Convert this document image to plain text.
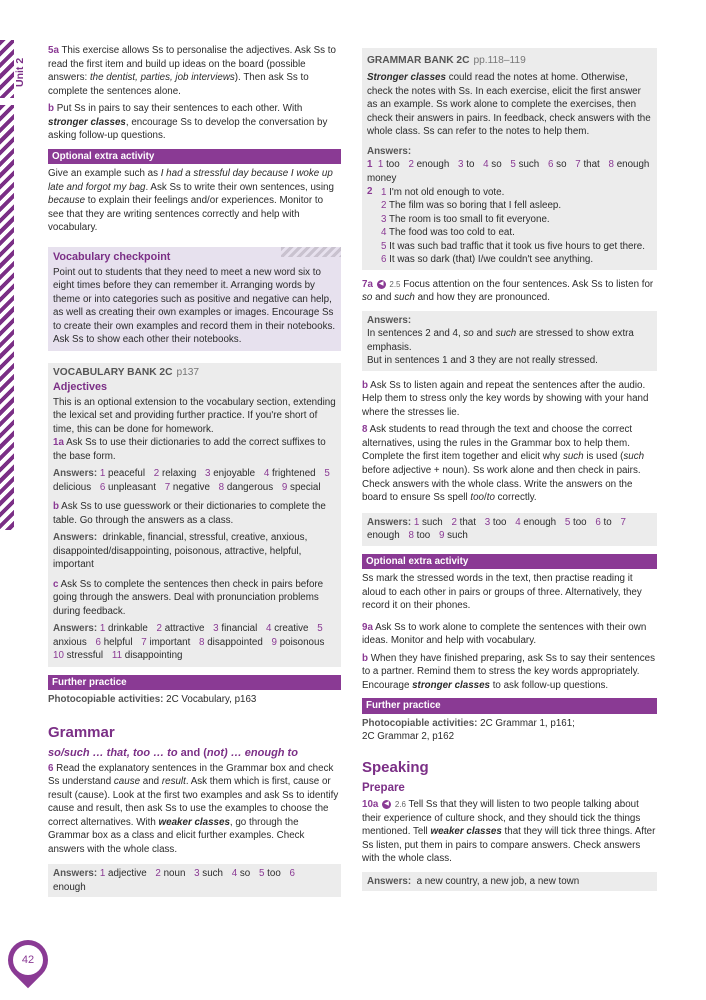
Unit 2

5a This exercise allows Ss to personalise the adjectives. Ask Ss to read the first item and build up ideas on the board (possible answers: the dentist, parties, job interviews). Then ask Ss to complete the sentences alone.

b Put Ss in pairs to say their sentences to each other. With stronger classes, encourage Ss to develop the conversation by asking follow-up questions.

Optional extra activity

Give an example such as I had a stressful day because I woke up late and forgot my bag. Ask Ss to write their own sentences, using because to explain their feelings and/or experiences. Monitor to see that they are writing sentences correctly and help with vocabulary.

Vocabulary checkpoint

Point out to students that they need to meet a new word six to eight times before they can remember it. Arranging words by theme or into categories such as positive and negative can help, as well as creating their own examples or images. Encourage Ss to create their own examples and record them in their notebooks. Ask Ss to show each other their notebooks.

VOCABULARY BANK 2C p137
Adjectives

This is an optional extension to the vocabulary section, extending the lexical set and providing further practice. If you're short of time, this can be done for homework.

1a Ask Ss to use their dictionaries to add the correct suffixes to the base form.

Answers: 1 peaceful 2 relaxing 3 enjoyable 4 frightened 5 delicious 6 unpleasant 7 negative 8 dangerous 9 special

b Ask Ss to use guesswork or their dictionaries to complete the table. Go through the answers as a class.

Answers: drinkable, financial, stressful, creative, anxious, disappointed/disappointing, poisonous, attractive, helpful, important

c Ask Ss to complete the sentences then check in pairs before going through the answers. Deal with pronunciation problems during feedback.

Answers: 1 drinkable 2 attractive 3 financial 4 creative 5 anxious 6 helpful 7 important 8 disappointed 9 poisonous 10 stressful 11 disappointing

Further practice

Photocopiable activities: 2C Vocabulary, p163

Grammar
so/such … that, too … to and (not) … enough to

6 Read the explanatory sentences in the Grammar box and check Ss understand cause and result. Ask them which is first, cause or result (cause). Look at the first two examples and ask Ss to identify cause and result, then ask Ss to use the examples to choose the correct alternatives. With weaker classes, go through the Grammar box as a class and elicit further examples. Check answers with the whole class.

Answers: 1 adjective 2 noun 3 such 4 so 5 too 6 enough
GRAMMAR BANK 2C pp.118–119

Stronger classes could read the notes at home. Otherwise, check the notes with Ss. In each exercise, elicit the first answer as an example. Ss work alone to complete the exercises, then check their answers in pairs. In feedback, check answers with the whole class. Ss can refer to the notes to help them.

Answers:
1 1 too 2 enough 3 to 4 so 5 such 6 so 7 that 8 enough money
2 1 I'm not old enough to vote.
2 The film was so boring that I fell asleep.
3 The room is too small to fit everyone.
4 The food was too cold to eat.
5 It was such bad traffic that it took us five hours to get there.
6 It was so dark (that) I/we couldn't see anything.

7a ◀ 2.5 Focus attention on the four sentences. Ask Ss to listen for so and such and how they are pronounced.

Answers:
In sentences 2 and 4, so and such are stressed to show extra emphasis.
But in sentences 1 and 3 they are not really stressed.

b Ask Ss to listen again and repeat the sentences after the audio. Help them to stress only the key words by showing with your hand where the stresses lie.

8 Ask students to read through the text and choose the correct alternatives, using the rules in the Grammar box to help them. Complete the first item together and elicit why such is used (such before adjective + noun). Ss work alone and then check in pairs. Check answers with the whole class. Write the answers on the board to ensure Ss spell too/to correctly.

Answers: 1 such 2 that 3 too 4 enough 5 too 6 to 7 enough 8 too 9 such
Optional extra activity

Ss mark the stressed words in the text, then practise reading it aloud to each other in pairs or groups of three. Alternatively, they record it on their phones.

9a Ask Ss to work alone to complete the sentences with their own ideas. Monitor and help with vocabulary.

b When they have finished preparing, ask Ss to say their sentences to a partner. Remind them to stress the key words appropriately. Encourage stronger classes to ask follow-up questions.

Further practice

Photocopiable activities: 2C Grammar 1, p161;
2C Grammar 2, p162

Speaking
Prepare

10a ◀ 2.6 Tell Ss that they will listen to two people talking about their experience of culture shock, and they should tick the things mentioned. Tell weaker classes that they will tick three things. After Ss listen, put them in pairs to compare answers. Check answers with the whole class.

Answers: a new country, a new job, a new town
42
